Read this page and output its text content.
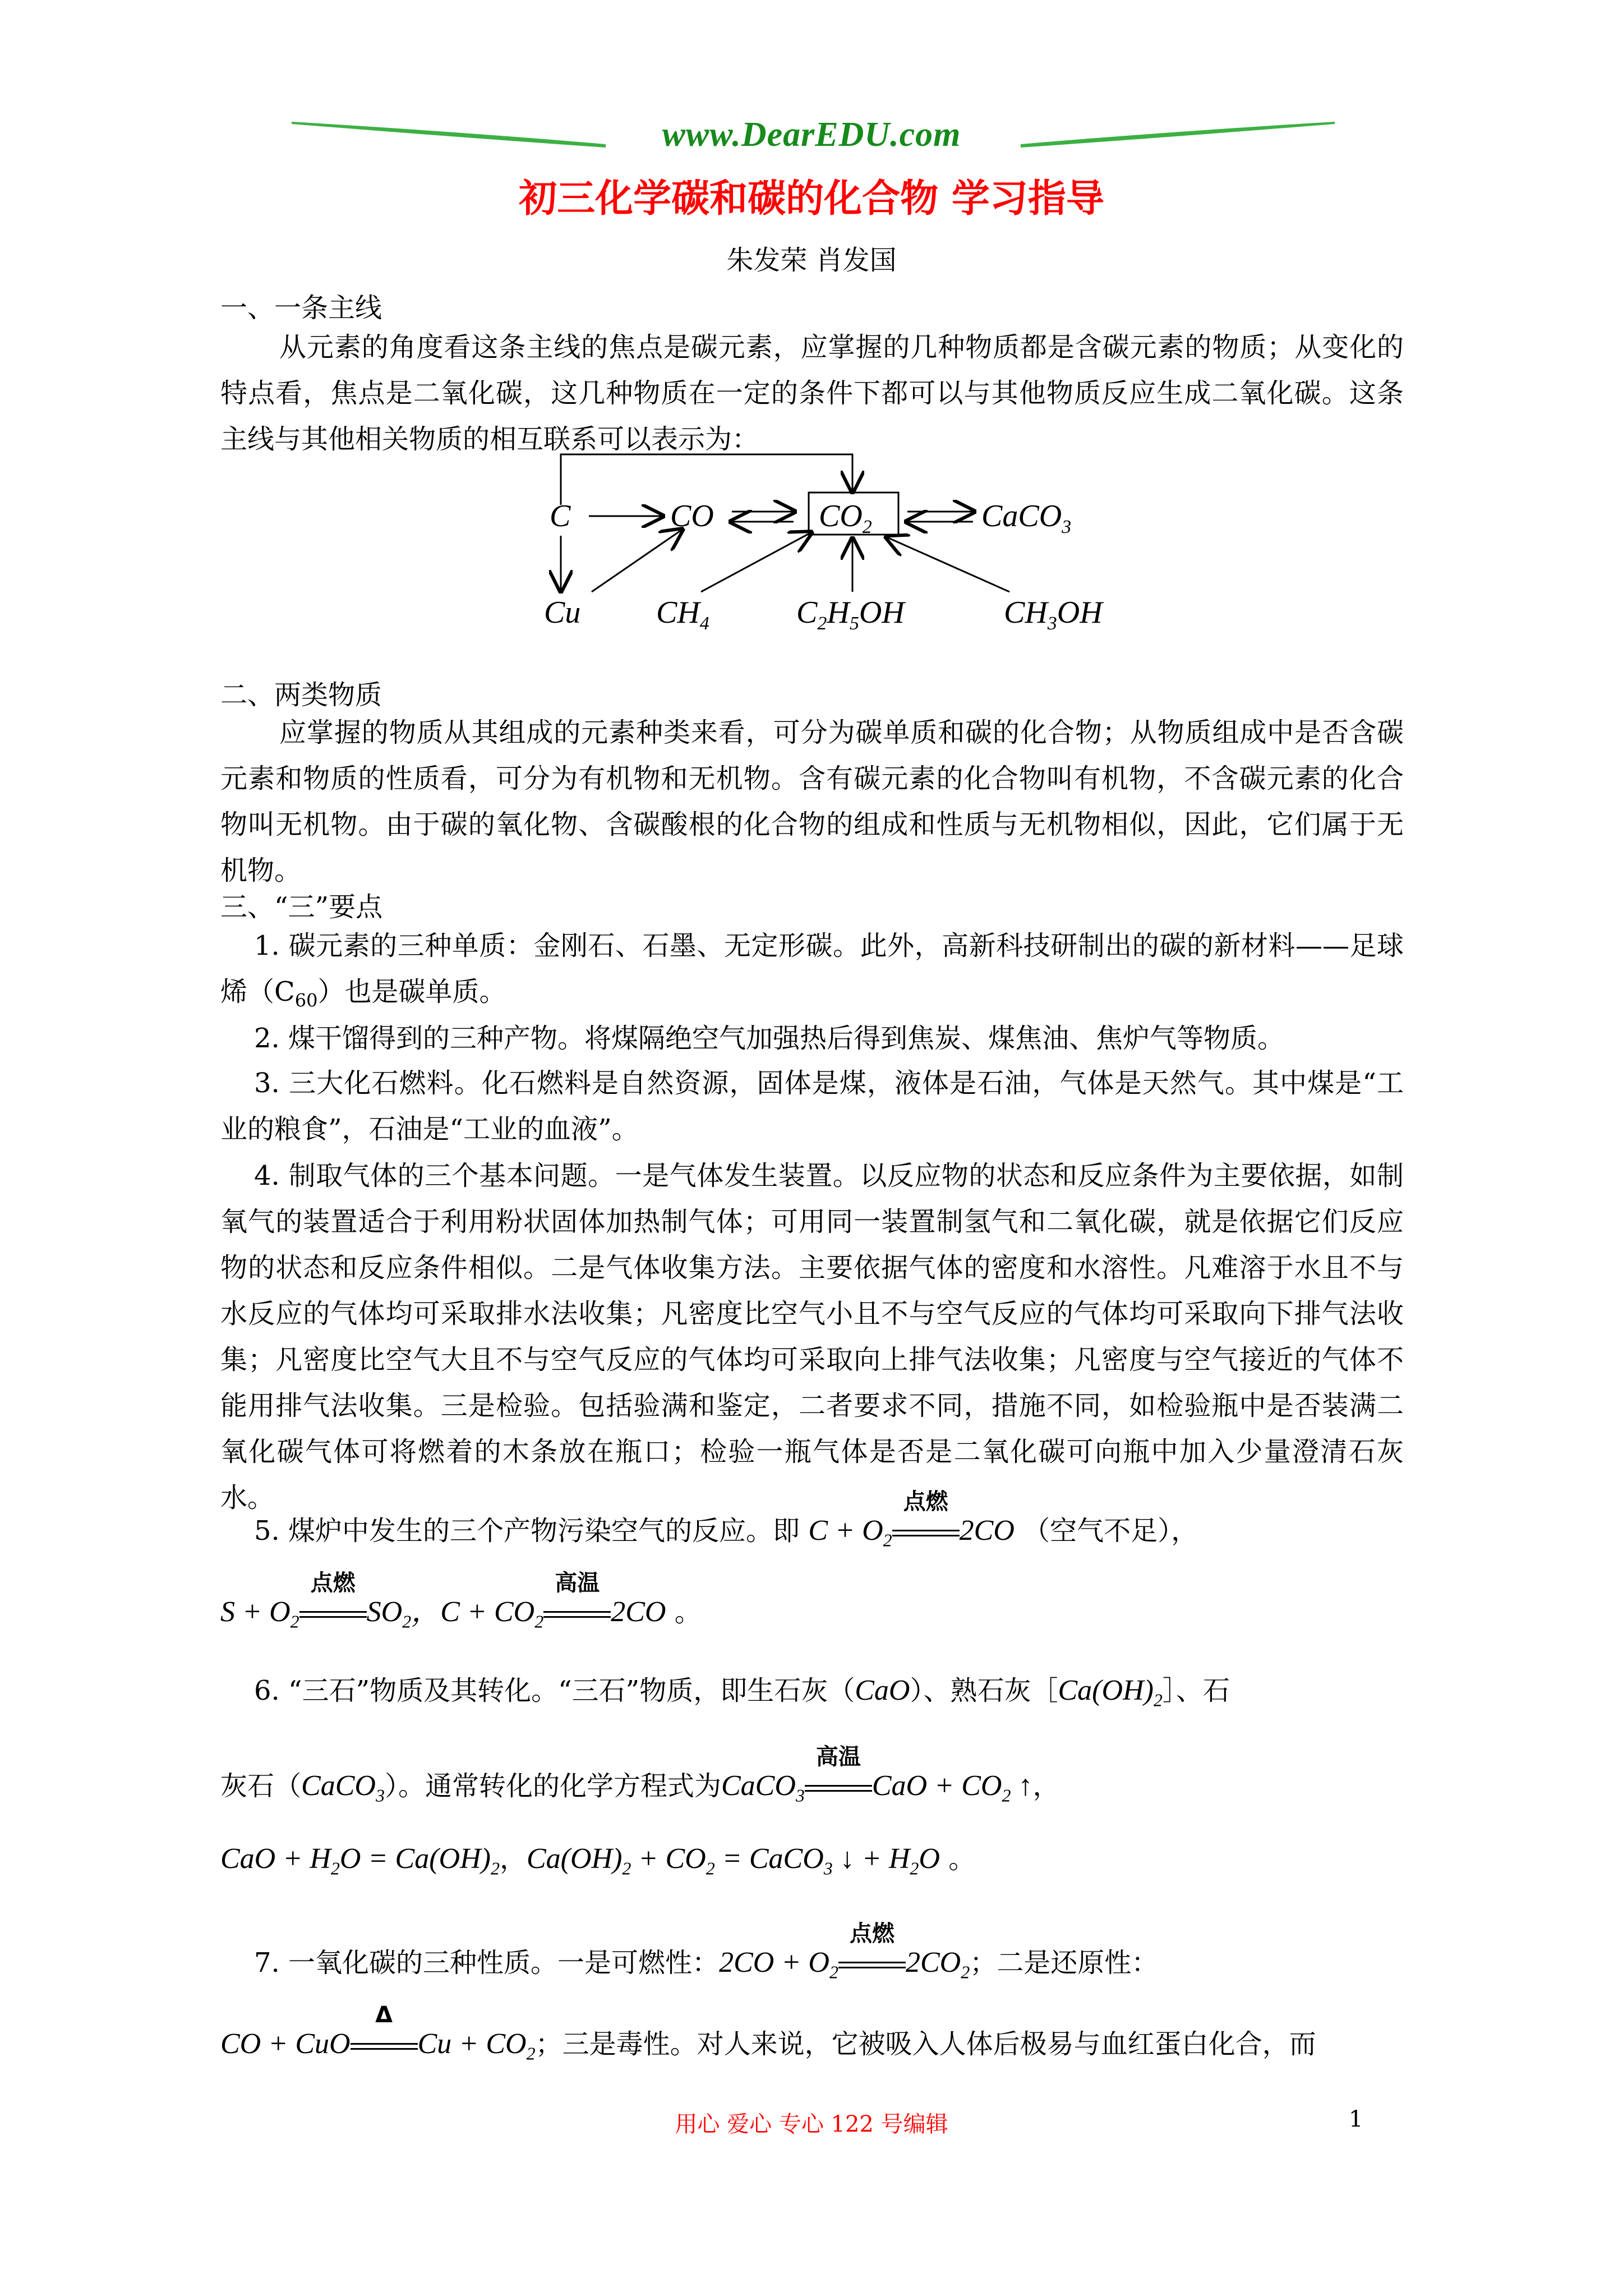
www.DearEDU.com
初三化学碳和碳的化合物 学习指导
朱发荣 肖发国
一、一条主线
从元素的角度看这条主线的焦点是碳元素，应掌握的几种物质都是含碳元素的物质；从变化的特点看，焦点是二氧化碳，这几种物质在一定的条件下都可以与其他物质反应生成二氧化碳。这条主线与其他相关物质的相互联系可以表示为：
C	CO	$CO_2$	CaCO$_3$
Cu $CH_4$	$C_2H_5OH$	$CH_3OH$
二、两类物质
应掌握的物质从其组成的元素种类来看，可分为碳单质和碳的化合物；从物质组成中是否含碳元素和物质的性质看，可分为有机物和无机物。含有碳元素的化合物叫有机物，不含碳元素的化合物叫无机物。由于碳的氧化物、含碳酸根的化合物的组成和性质与无机物相似，因此，它们属于无机物。
三、“三”要点
1. 碳元素的三种单质：金刚石、石墨、无定形碳。此外，高新科技研制出的碳的新材料——足球烯$(C_{60})$也是碳单质。
2. 煤干馏得到的三种产物。将煤隔绝空气加强热后得到焦炭、煤焦油、焦炉气等物质。
3. 三大化石燃料。化石燃料是自然资源，固体是煤，液体是石油，气体是天然气。其中煤是“工业的粮食”，石油是“工业的血液”。
4. 制取气体的三个基本问题。一是气体发生装置。以反应物的状态和反应条件为主要依据，如制氧气的装置适合于利用粉状固体加热制气体；可用同一装置制氢气和二氧化碳，就是依据它们反应物的状态和反应条件相似。二是气体收集方法。主要依据气体的密度和水溶性。凡难溶于水且不与水反应的气体均可采取排水法收集；凡密度比空气小且不与空气反应的气体均可采取向下排气法收集；凡密度比空气大且不与空气反应的气体均可采取向上排气法收集；凡密度与空气接近的气体不能用排气法收集。三是检验。包括验满和鉴定，二者要求不同，措施不同，如检验瓶中是否装满二氧化碳气体可将燃着的木条放在瓶口；检验一瓶气体是否是二氧化碳可向瓶中加入少量澄清石灰水。
5. 煤炉中发生的三个产物污染空气的反应。即 $C + O_2$
点燃
2CO （空气不足），
$S + O_2$
点燃
$SO_2$，$C + CO_2$
高温
2CO 。
6. “三石”物质及其转化。“三石”物质，即生石灰（CaO）、熟石灰$[Ca(OH)_2]$、石
灰石（CaCO$_3$）。通常转化的化学方程式为CaCO$_3$
高温
CaO + $CO_2$ ↑，
CaO + $H_2O = Ca(OH)_2$，$Ca(OH)_2 + CO_2$ = CaCO$_3$ ↓ + $H_2O$ 。
7. 一氧化碳的三种性质。一是可燃性：$2CO + O_2$
点燃
$2CO_2$；二是还原性：
CO + CuO
Δ
$Cu + CO_2$；三是毒性。对人来说，它被吸入人体后极易与血红蛋白化合，而
用心 爱心 专心 122 号编辑	1
